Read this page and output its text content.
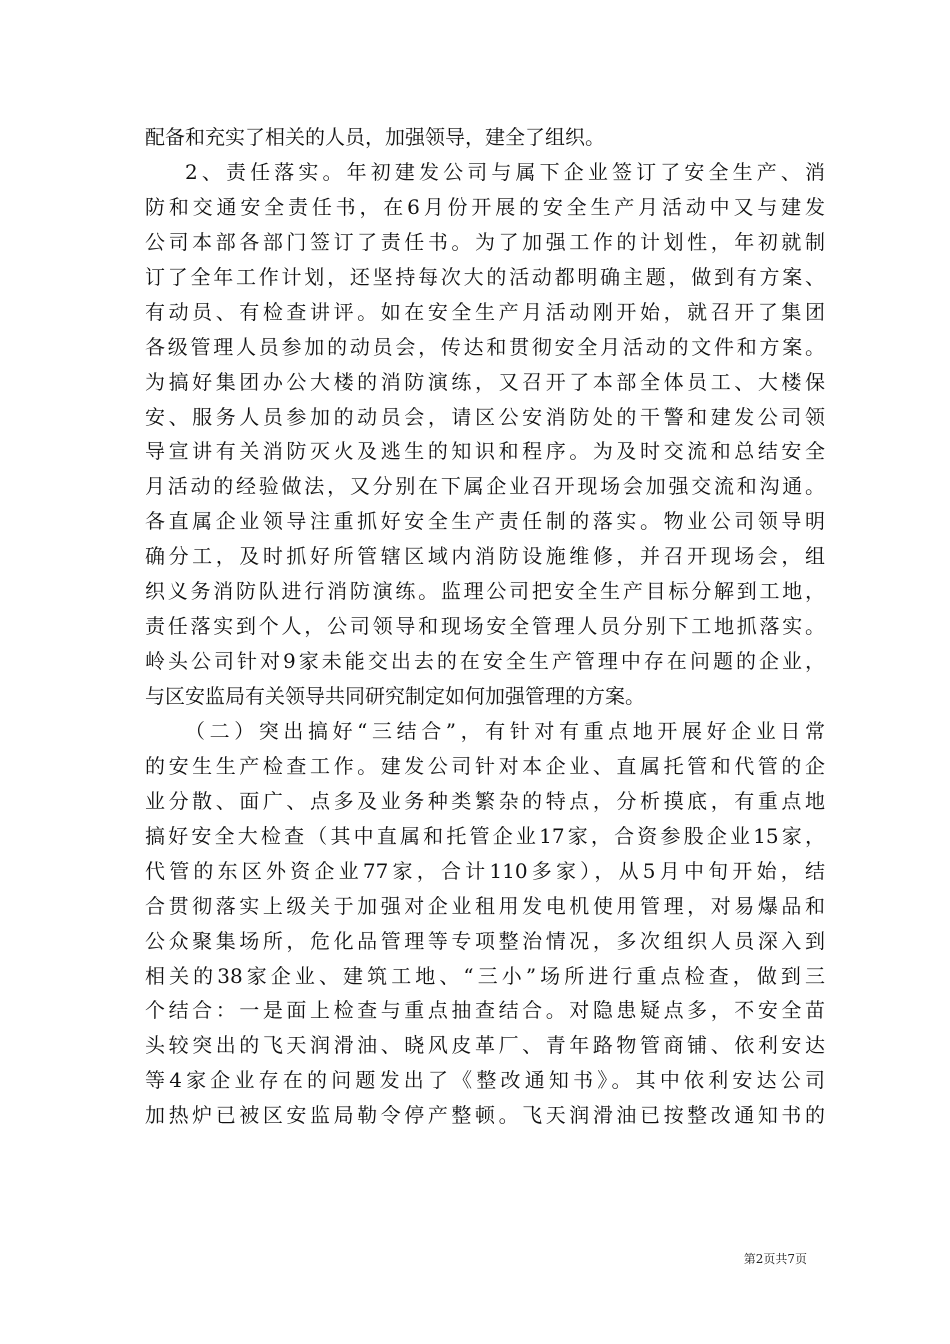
配备和充实了相关的人员，加强领导，建全了组织。
2、责任落实。年初建发公司与属下企业签订了安全生产、消
防和交通安全责任书，在6月份开展的安全生产月活动中又与建发
公司本部各部门签订了责任书。为了加强工作的计划性，年初就制
订了全年工作计划，还坚持每次大的活动都明确主题，做到有方案、
有动员、有检查讲评。如在安全生产月活动刚开始，就召开了集团
各级管理人员参加的动员会，传达和贯彻安全月活动的文件和方案。
为搞好集团办公大楼的消防演练，又召开了本部全体员工、大楼保
安、服务人员参加的动员会，请区公安消防处的干警和建发公司领
导宣讲有关消防灭火及逃生的知识和程序。为及时交流和总结安全
月活动的经验做法，又分别在下属企业召开现场会加强交流和沟通。
各直属企业领导注重抓好安全生产责任制的落实。物业公司领导明
确分工，及时抓好所管辖区域内消防设施维修，并召开现场会，组
织义务消防队进行消防演练。监理公司把安全生产目标分解到工地，
责任落实到个人，公司领导和现场安全管理人员分别下工地抓落实。
岭头公司针对9家未能交出去的在安全生产管理中存在问题的企业，
与区安监局有关领导共同研究制定如何加强管理的方案。
（二）突出搞好“三结合”，有针对有重点地开展好企业日常
的安生生产检查工作。建发公司针对本企业、直属托管和代管的企
业分散、面广、点多及业务种类繁杂的特点，分析摸底，有重点地
搞好安全大检查（其中直属和托管企业17家，合资参股企业15家，
代管的东区外资企业77家，合计110多家），从5月中旬开始，结
合贯彻落实上级关于加强对企业租用发电机使用管理，对易爆品和
公众聚集场所，危化品管理等专项整治情况，多次组织人员深入到
相关的38家企业、建筑工地、“三小”场所进行重点检查，做到三
个结合：一是面上检查与重点抽查结合。对隐患疑点多，不安全苗
头较突出的飞天润滑油、晓风皮革厂、青年路物管商铺、依利安达
等4家企业存在的问题发出了《整改通知书》。其中依利安达公司
加热炉已被区安监局勒令停产整顿。飞天润滑油已按整改通知书的
第2页共7页
